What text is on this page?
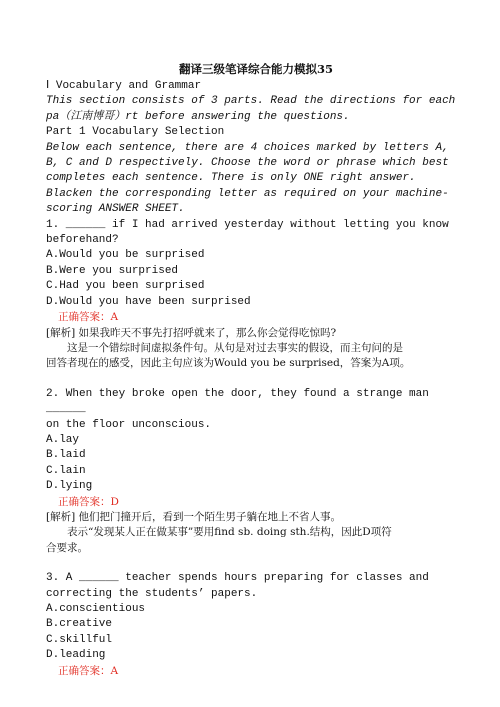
翻译三级笔译综合能力模拟35
Ⅰ Vocabulary and Grammar
This section consists of 3 parts. Read the directions for each pa（江南博哥）rt before answering the questions.
Part 1 Vocabulary Selection
Below each sentence, there are 4 choices marked by letters A, B, C and D respectively. Choose the word or phrase which best completes each sentence. There is only ONE right answer. Blacken the corresponding letter as required on your machine-scoring ANSWER SHEET.
1. ______ if I had arrived yesterday without letting you know
beforehand?
A.Would you be surprised
B.Were you surprised
C.Had you been surprised
D.Would you have been surprised
正确答案：A
[解析] 如果我昨天不事先打招呼就来了，那么你会觉得吃惊吗?
这是一个错综时间虚拟条件句。从句是对过去事实的假设，而主句问的是
回答者现在的感受，因此主句应该为Would you be surprised，答案为A项。
2. When they broke open the door, they found a strange man ______
on the floor unconscious.
A.lay
B.laid
C.lain
D.lying
正确答案：D
[解析] 他们把门撞开后，看到一个陌生男子躺在地上不省人事。
表示“发现某人正在做某事”要用find sb. doing sth.结构，因此D项符
合要求。
3. A ______ teacher spends hours preparing for classes and
correcting the students’ papers.
A.conscientious
B.creative
C.skillful
D.leading
正确答案：A
